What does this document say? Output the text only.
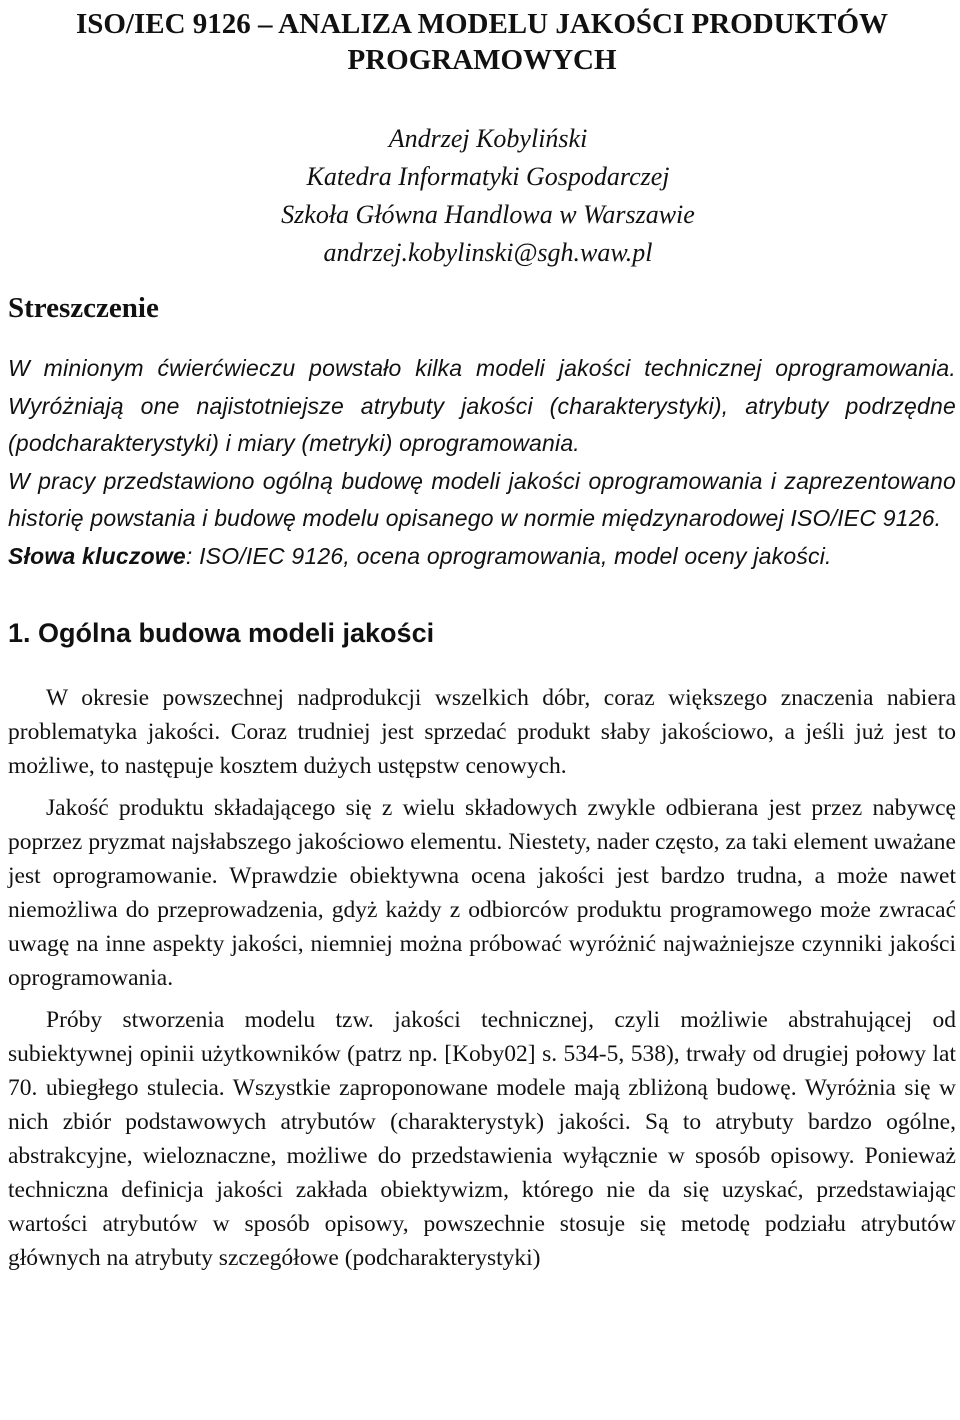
ISO/IEC 9126 – ANALIZA MODELU JAKOŚCI PRODUKTÓW
PROGRAMOWYCH
Andrzej Kobyliński
Katedra Informatyki Gospodarczej
Szkoła Główna Handlowa w Warszawie
andrzej.kobylinski@sgh.waw.pl
Streszczenie

W minionym ćwierćwieczu powstało kilka modeli jakości technicznej oprogramowania. Wyróżniają one najistotniejsze atrybuty jakości (charakterystyki), atrybuty podrzędne (podcharakterystyki) i miary (metryki) oprogramowania.

W pracy przedstawiono ogólną budowę modeli jakości oprogramowania i zaprezentowano historię powstania i budowę modelu opisanego w normie międzynarodowej ISO/IEC 9126.

Słowa kluczowe: ISO/IEC 9126, ocena oprogramowania, model oceny jakości.

1. Ogólna budowa modeli jakości

W okresie powszechnej nadprodukcji wszelkich dóbr, coraz większego znaczenia nabiera problematyka jakości. Coraz trudniej jest sprzedać produkt słaby jakościowo, a jeśli już jest to możliwe, to następuje kosztem dużych ustępstw cenowych.

Jakość produktu składającego się z wielu składowych zwykle odbierana jest przez nabywcę poprzez pryzmat najsłabszego jakościowo elementu. Niestety, nader często, za taki element uważane jest oprogramowanie. Wprawdzie obiektywna ocena jakości jest bardzo trudna, a może nawet niemożliwa do przeprowadzenia, gdyż każdy z odbiorców produktu programowego może zwracać uwagę na inne aspekty jakości, niemniej można próbować wyróżnić najważniejsze czynniki jakości oprogramowania.

Próby stworzenia modelu tzw. jakości technicznej, czyli możliwie abstrahującej od subiektywnej opinii użytkowników (patrz np. [Koby02] s. 534-5, 538), trwały od drugiej połowy lat 70. ubiegłego stulecia. Wszystkie zaproponowane modele mają zbliżoną budowę. Wyróżnia się w nich zbiór podstawowych atrybutów (charakterystyk) jakości. Są to atrybuty bardzo ogólne, abstrakcyjne, wieloznaczne, możliwe do przedstawienia wyłącznie w sposób opisowy. Ponieważ techniczna definicja jakości zakłada obiektywizm, którego nie da się uzyskać, przedstawiając wartości atrybutów w sposób opisowy, powszechnie stosuje się metodę podziału atrybutów głównych na atrybuty szczegółowe (podcharakterystyki)
